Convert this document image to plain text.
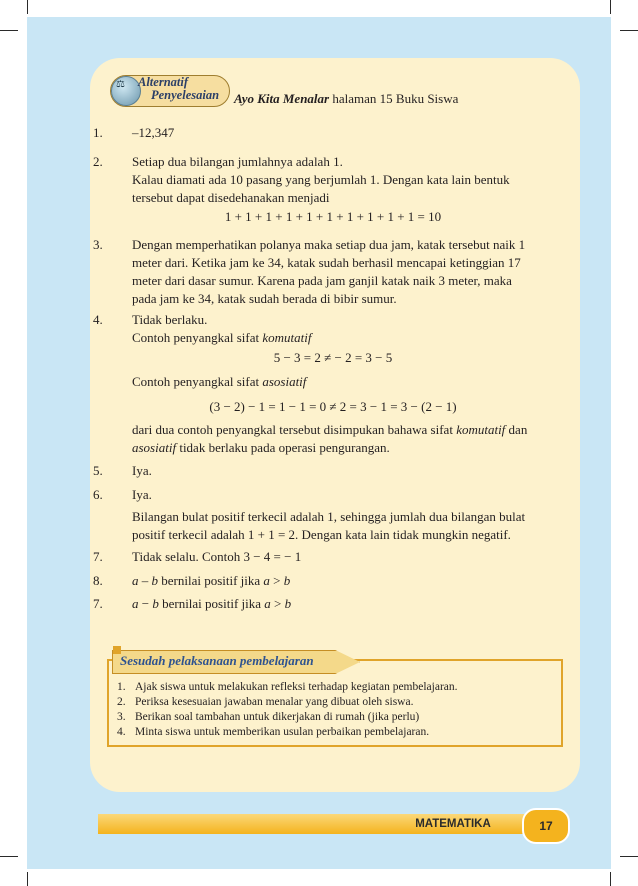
⚖ Alternatif
Penyelesaian Ayo Kita Menalar halaman 15 Buku Siswa
1. –12,347
2. Setiap dua bilangan jumlahnya adalah 1.
Kalau diamati ada 10 pasang yang berjumlah 1. Dengan kata lain bentuk
tersebut dapat disedehanakan menjadi
1 + 1 + 1 + 1 + 1 + 1 + 1 + 1 + 1 + 1 = 10
3. Dengan memperhatikan polanya maka setiap dua jam, katak tersebut naik 1
meter dari. Ketika jam ke 34, katak sudah berhasil mencapai ketinggian 17
meter dari dasar sumur. Karena pada jam ganjil katak naik 3 meter, maka
pada jam ke 34, katak sudah berada di bibir sumur.
4. Tidak berlaku.
Contoh penyangkal sifat komutatif
5 − 3 = 2 ≠ − 2 = 3 − 5
Contoh penyangkal sifat asosiatif
(3 − 2) − 1 = 1 − 1 = 0 ≠ 2 = 3 − 1 = 3 − (2 − 1)
dari dua contoh penyangkal tersebut disimpukan bahawa sifat komutatif dan
asosiatif tidak berlaku pada operasi pengurangan.
5. Iya.
6. Iya.
Bilangan bulat positif terkecil adalah 1, sehingga jumlah dua bilangan bulat
positif terkecil adalah 1 + 1 = 2. Dengan kata lain tidak mungkin negatif.
7. Tidak selalu. Contoh 3 − 4 = − 1
8. a – b bernilai positif jika a > b
7. a − b bernilai positif jika a > b
Sesudah pelaksanaan pembelajaran
1. Ajak siswa untuk melakukan refleksi terhadap kegiatan pembelajaran.
2. Periksa kesesuaian jawaban menalar yang dibuat oleh siswa.
3. Berikan soal tambahan untuk dikerjakan di rumah (jika perlu)
4. Minta siswa untuk memberikan usulan perbaikan pembelajaran.
MATEMATIKA	17
